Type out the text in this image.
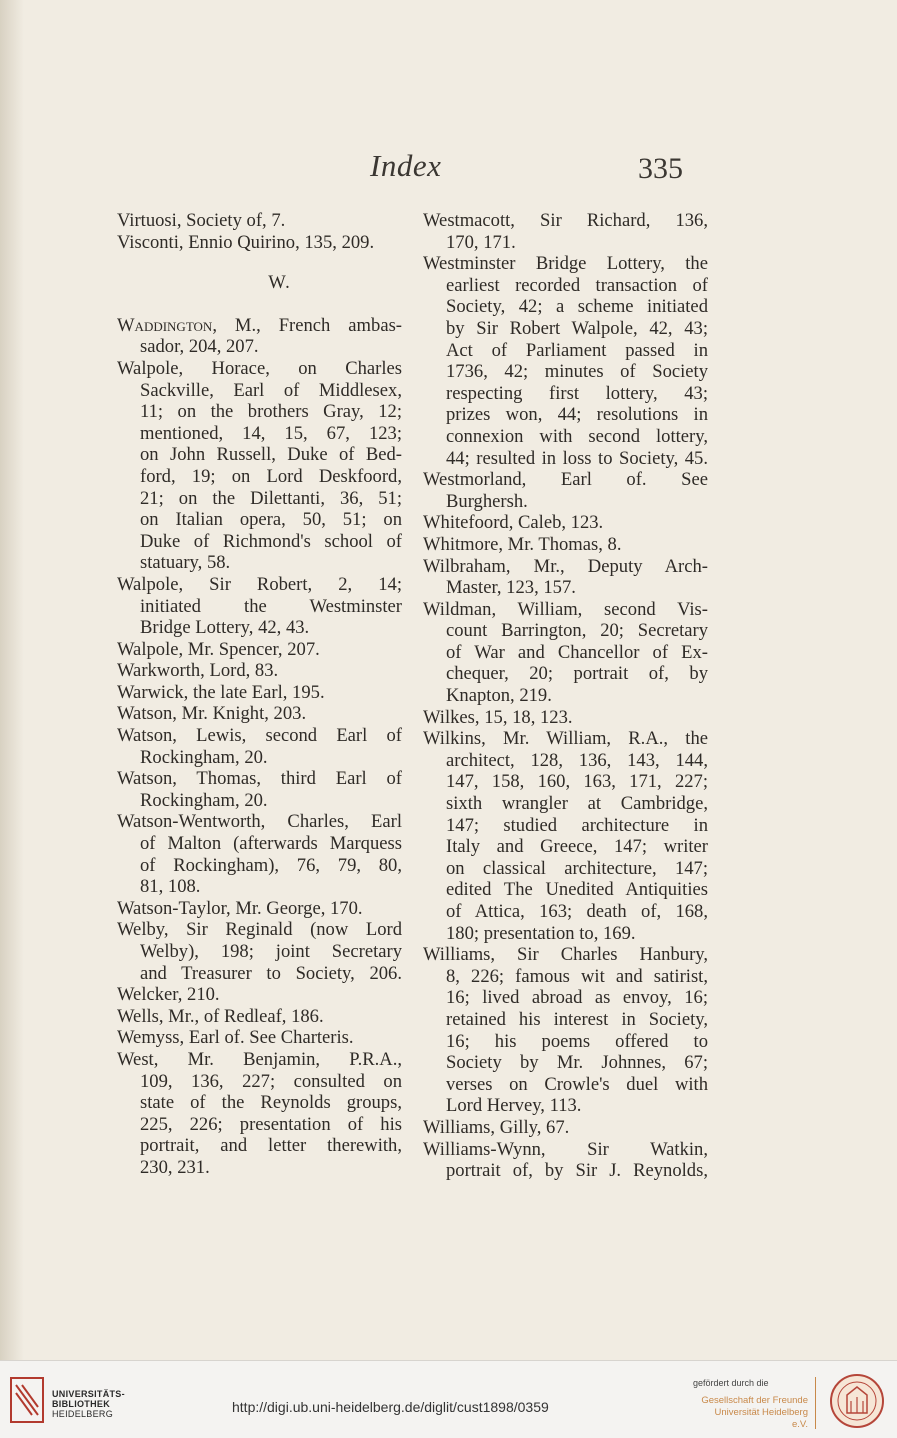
Index	335
Virtuosi, Society of, 7.
Visconti, Ennio Quirino, 135, 209.
W.
Waddington, M., French ambas-
sador, 204, 207.
Walpole, Horace, on Charles
Sackville, Earl of Middlesex,
11; on the brothers Gray, 12;
mentioned, 14, 15, 67, 123;
on John Russell, Duke of Bed-
ford, 19; on Lord Deskfoord,
21; on the Dilettanti, 36, 51;
on Italian opera, 50, 51; on
Duke of Richmond's school of
statuary, 58.
Walpole, Sir Robert, 2, 14;
initiated the Westminster
Bridge Lottery, 42, 43.
Walpole, Mr. Spencer, 207.
Warkworth, Lord, 83.
Warwick, the late Earl, 195.
Watson, Mr. Knight, 203.
Watson, Lewis, second Earl of
Rockingham, 20.
Watson, Thomas, third Earl of
Rockingham, 20.
Watson-Wentworth, Charles, Earl
of Malton (afterwards Marquess
of Rockingham), 76, 79, 80,
81, 108.
Watson-Taylor, Mr. George, 170.
Welby, Sir Reginald (now Lord
Welby), 198; joint Secretary
and Treasurer to Society, 206.
Welcker, 210.
Wells, Mr., of Redleaf, 186.
Wemyss, Earl of. See Charteris.
West, Mr. Benjamin, P.R.A.,
109, 136, 227; consulted on
state of the Reynolds groups,
225, 226; presentation of his
portrait, and letter therewith,
230, 231.
Westmacott, Sir Richard, 136,
170, 171.
Westminster Bridge Lottery, the
earliest recorded transaction of
Society, 42; a scheme initiated
by Sir Robert Walpole, 42, 43;
Act of Parliament passed in
1736, 42; minutes of Society
respecting first lottery, 43;
prizes won, 44; resolutions in
connexion with second lottery,
44; resulted in loss to Society, 45.
Westmorland, Earl of. See
Burghersh.
Whitefoord, Caleb, 123.
Whitmore, Mr. Thomas, 8.
Wilbraham, Mr., Deputy Arch-
Master, 123, 157.
Wildman, William, second Vis-
count Barrington, 20; Secretary
of War and Chancellor of Ex-
chequer, 20; portrait of, by
Knapton, 219.
Wilkes, 15, 18, 123.
Wilkins, Mr. William, R.A., the
architect, 128, 136, 143, 144,
147, 158, 160, 163, 171, 227;
sixth wrangler at Cambridge,
147; studied architecture in
Italy and Greece, 147; writer
on classical architecture, 147;
edited The Unedited Antiquities
of Attica, 163; death of, 168,
180; presentation to, 169.
Williams, Sir Charles Hanbury,
8, 226; famous wit and satirist,
16; lived abroad as envoy, 16;
retained his interest in Society,
16; his poems offered to
Society by Mr. Johnnes, 67;
verses on Crowle's duel with
Lord Hervey, 113.
Williams, Gilly, 67.
Williams-Wynn, Sir Watkin,
portrait of, by Sir J. Reynolds,
UNIVERSITÄTS-
BIBLIOTHEK
HEIDELBERG	http://digi.ub.uni-heidelberg.de/diglit/cust1898/0359
gefördert durch die
Gesellschaft der Freunde
Universität Heidelberg e.V.
